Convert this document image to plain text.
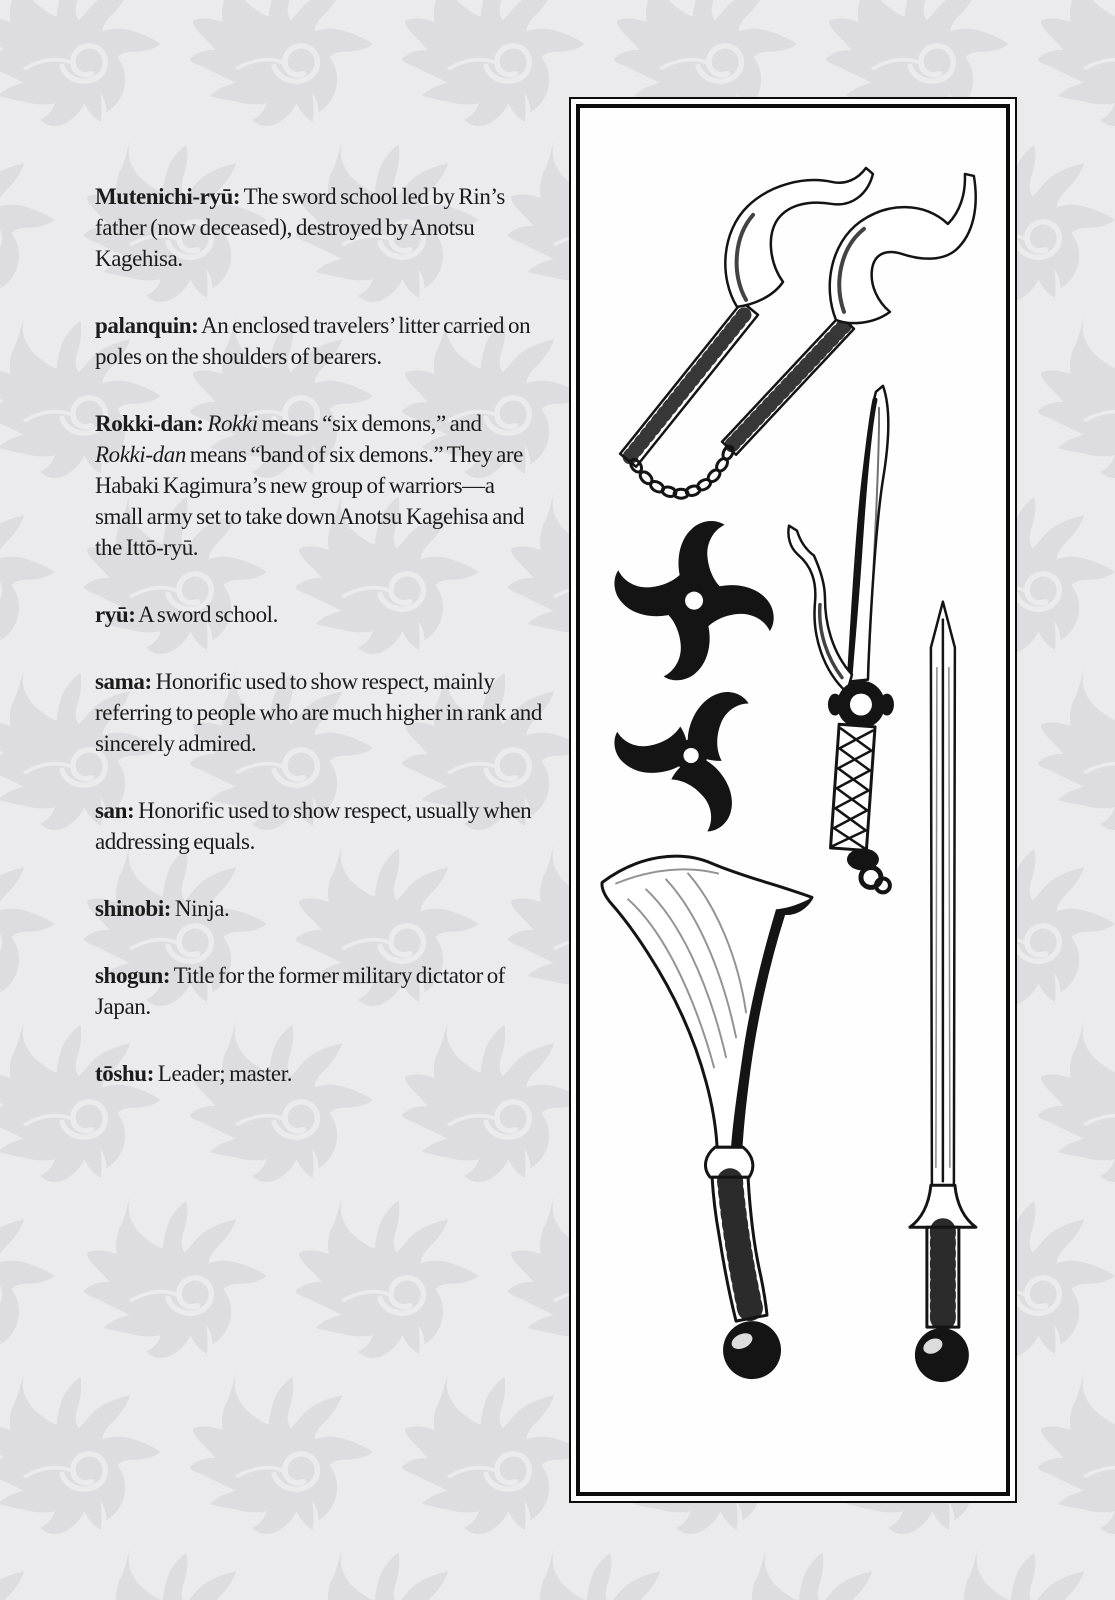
Mutenichi-ryū: The sword school led by Rin’s father (now deceased), destroyed by Anotsu Kagehisa.

palanquin: An enclosed travelers’ litter carried on poles on the shoulders of bearers.

Rokki-dan: Rokki means “six demons,” and Rokki-dan means “band of six demons.” They are Habaki Kagimura’s new group of warriors—a small army set to take down Anotsu Kagehisa and the Ittō-ryū.

ryū: A sword school.

sama: Honorific used to show respect, mainly referring to people who are much higher in rank and sincerely admired.

san: Honorific used to show respect, usually when addressing equals.

shinobi: Ninja.

shogun: Title for the former military dictator of Japan.

tōshu: Leader; master.
